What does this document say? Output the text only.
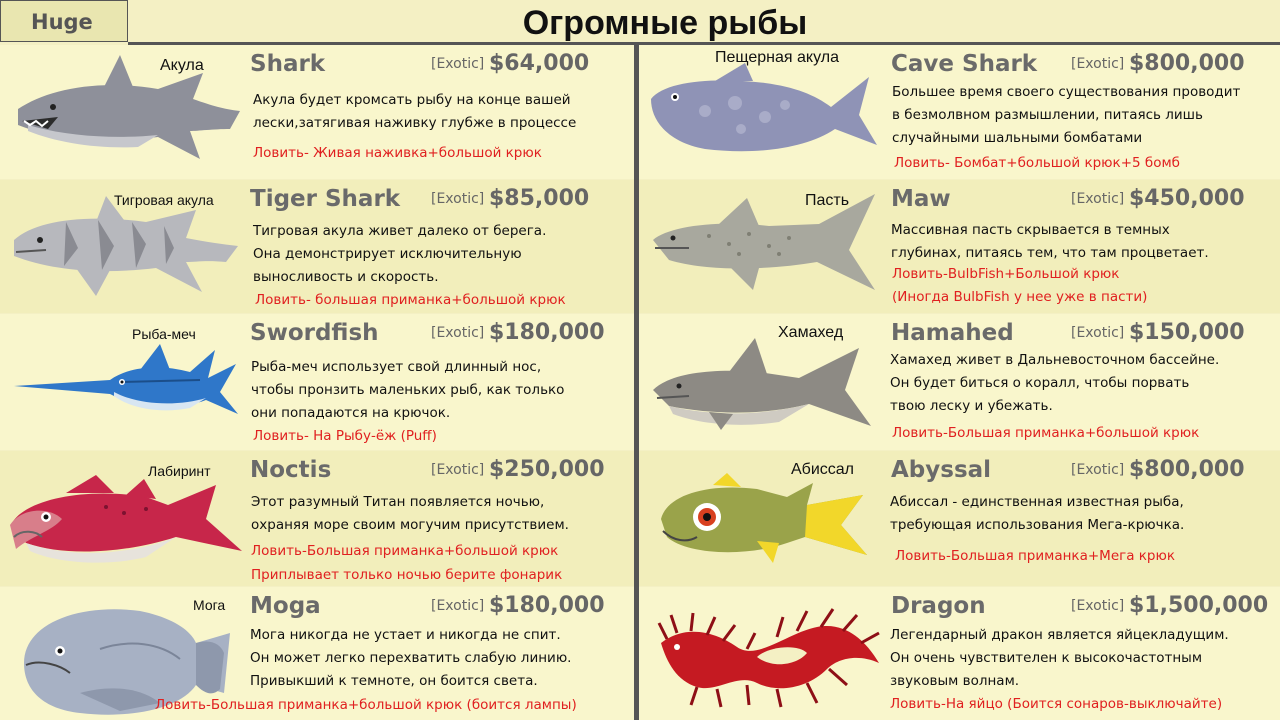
Huge	Огромные рыбы
Акула Shark	[Exotic] $64,000
Акула будет кромсать рыбу на конце вашей
лески,затягивая наживку глубже в процессе
Ловить- Живая наживка+большой крюк
Тигровая акула Tiger Shark [Exotic] $85,000
Тигровая акула живет далеко от берега.
Она демонстрирует исключительную
выносливость и скорость.
Ловить- большая приманка+большой крюк
Рыба-меч Swordfish	[Exotic] $180,000
Рыба-меч использует свой длинный нос,
чтобы пронзить маленьких рыб, как только
они попадаются на крючок.
Ловить- На Рыбу-ёж (Puff)
Лабиринт Noctis	[Exotic] $250,000
Этот разумный Титан появляется ночью,
охраняя море своим могучим присутствием.
Ловить-Большая приманка+большой крюк
Приплывает только ночью берите фонарик
Мога Moga	[Exotic] $180,000
Мога никогда не устает и никогда не спит.
Он может легко перехватить слабую линию.
Привыкший к темноте, он боится света.
Ловить-Большая приманка+большой крюк (боится лампы)
Пещерная акула Cave Shark [Exotic] $800,000
Большее время своего существования проводит
в безмолвном размышлении, питаясь лишь
случайными шальными бомбатами
Ловить- Бомбат+большой крюк+5 бомб
Пасть Maw	[Exotic] $450,000
Массивная пасть скрывается в темных
глубинах, питаясь тем, что там процветает.
Ловить-BulbFish+Большой крюк
(Иногда BulbFish у нее уже в пасти)
Хамахед Hamahed	[Exotic] $150,000
Хамахед живет в Дальневосточном бассейне.
Он будет биться о коралл, чтобы порвать
твою леску и убежать.
Ловить-Большая приманка+большой крюк
Абиссал Abyssal	[Exotic] $800,000
Абиссал - единственная известная рыба,
требующая использования Мега-крючка.
Ловить-Большая приманка+Мега крюк
Dragon	[Exotic] $1,500,000
Легендарный дракон является яйцекладущим.
Он очень чувствителен к высокочастотным
звуковым волнам.
Ловить-На яйцо (Боится сонаров-выключайте)
